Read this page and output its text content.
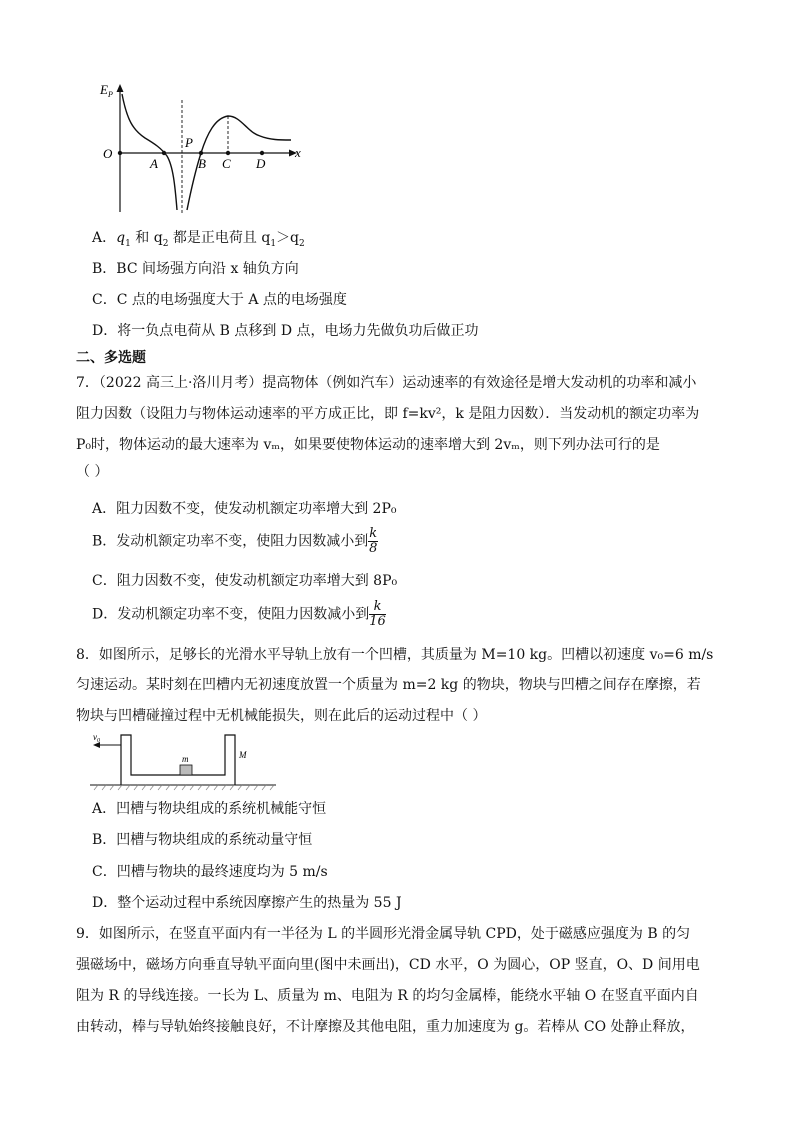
$E_P$
x
O
A
P
B C D
A．$q_1$ 和 $q_2$ 都是正电荷且 $q_1>q_2$
B．BC 间场强方向沿 x 轴负方向
C．C 点的电场强度大于 A 点的电场强度
D．将一负点电荷从 B 点移到 D 点，电场力先做负功后做正功
二、多选题
7．（2022 高三上·洛川月考）提高物体（例如汽车）运动速率的有效途径是增大发动机的功率和减小
阻力因数（设阻力与物体运动速率的平方成正比，即 f=kv²，k 是阻力因数）．当发动机的额定功率为
P₀时，物体运动的最大速率为 vₘ，如果要使物体运动的速率增大到 2vₘ，则下列办法可行的是
（ ）
A．阻力因数不变，使发动机额定功率增大到 2P₀
B．发动机额定功率不变，使阻力因数减小到 $\frac{k}{8}$
C．阻力因数不变，使发动机额定功率增大到 8P₀
D．发动机额定功率不变，使阻力因数减小到 $\frac{k}{16}$
8．如图所示，足够长的光滑水平导轨上放有一个凹槽，其质量为 M=10 kg。凹槽以初速度 v₀=6 m/s
匀速运动。某时刻在凹槽内无初速度放置一个质量为 m=2 kg 的物块，物块与凹槽之间存在摩擦，若
物块与凹槽碰撞过程中无机械能损失，则在此后的运动过程中（ ）
$v_0$
m	M
A．凹槽与物块组成的系统机械能守恒
B．凹槽与物块组成的系统动量守恒
C．凹槽与物块的最终速度均为 5 m/s
D．整个运动过程中系统因摩擦产生的热量为 55 J
9．如图所示，在竖直平面内有一半径为 L 的半圆形光滑金属导轨 CPD，处于磁感应强度为 B 的匀
强磁场中，磁场方向垂直导轨平面向里(图中未画出)，CD 水平，O 为圆心，OP 竖直，O、D 间用电
阻为 R 的导线连接。一长为 L、质量为 m、电阻为 R 的均匀金属棒，能绕水平轴 O 在竖直平面内自
由转动，棒与导轨始终接触良好，不计摩擦及其他电阻，重力加速度为 g。若棒从 CO 处静止释放，
